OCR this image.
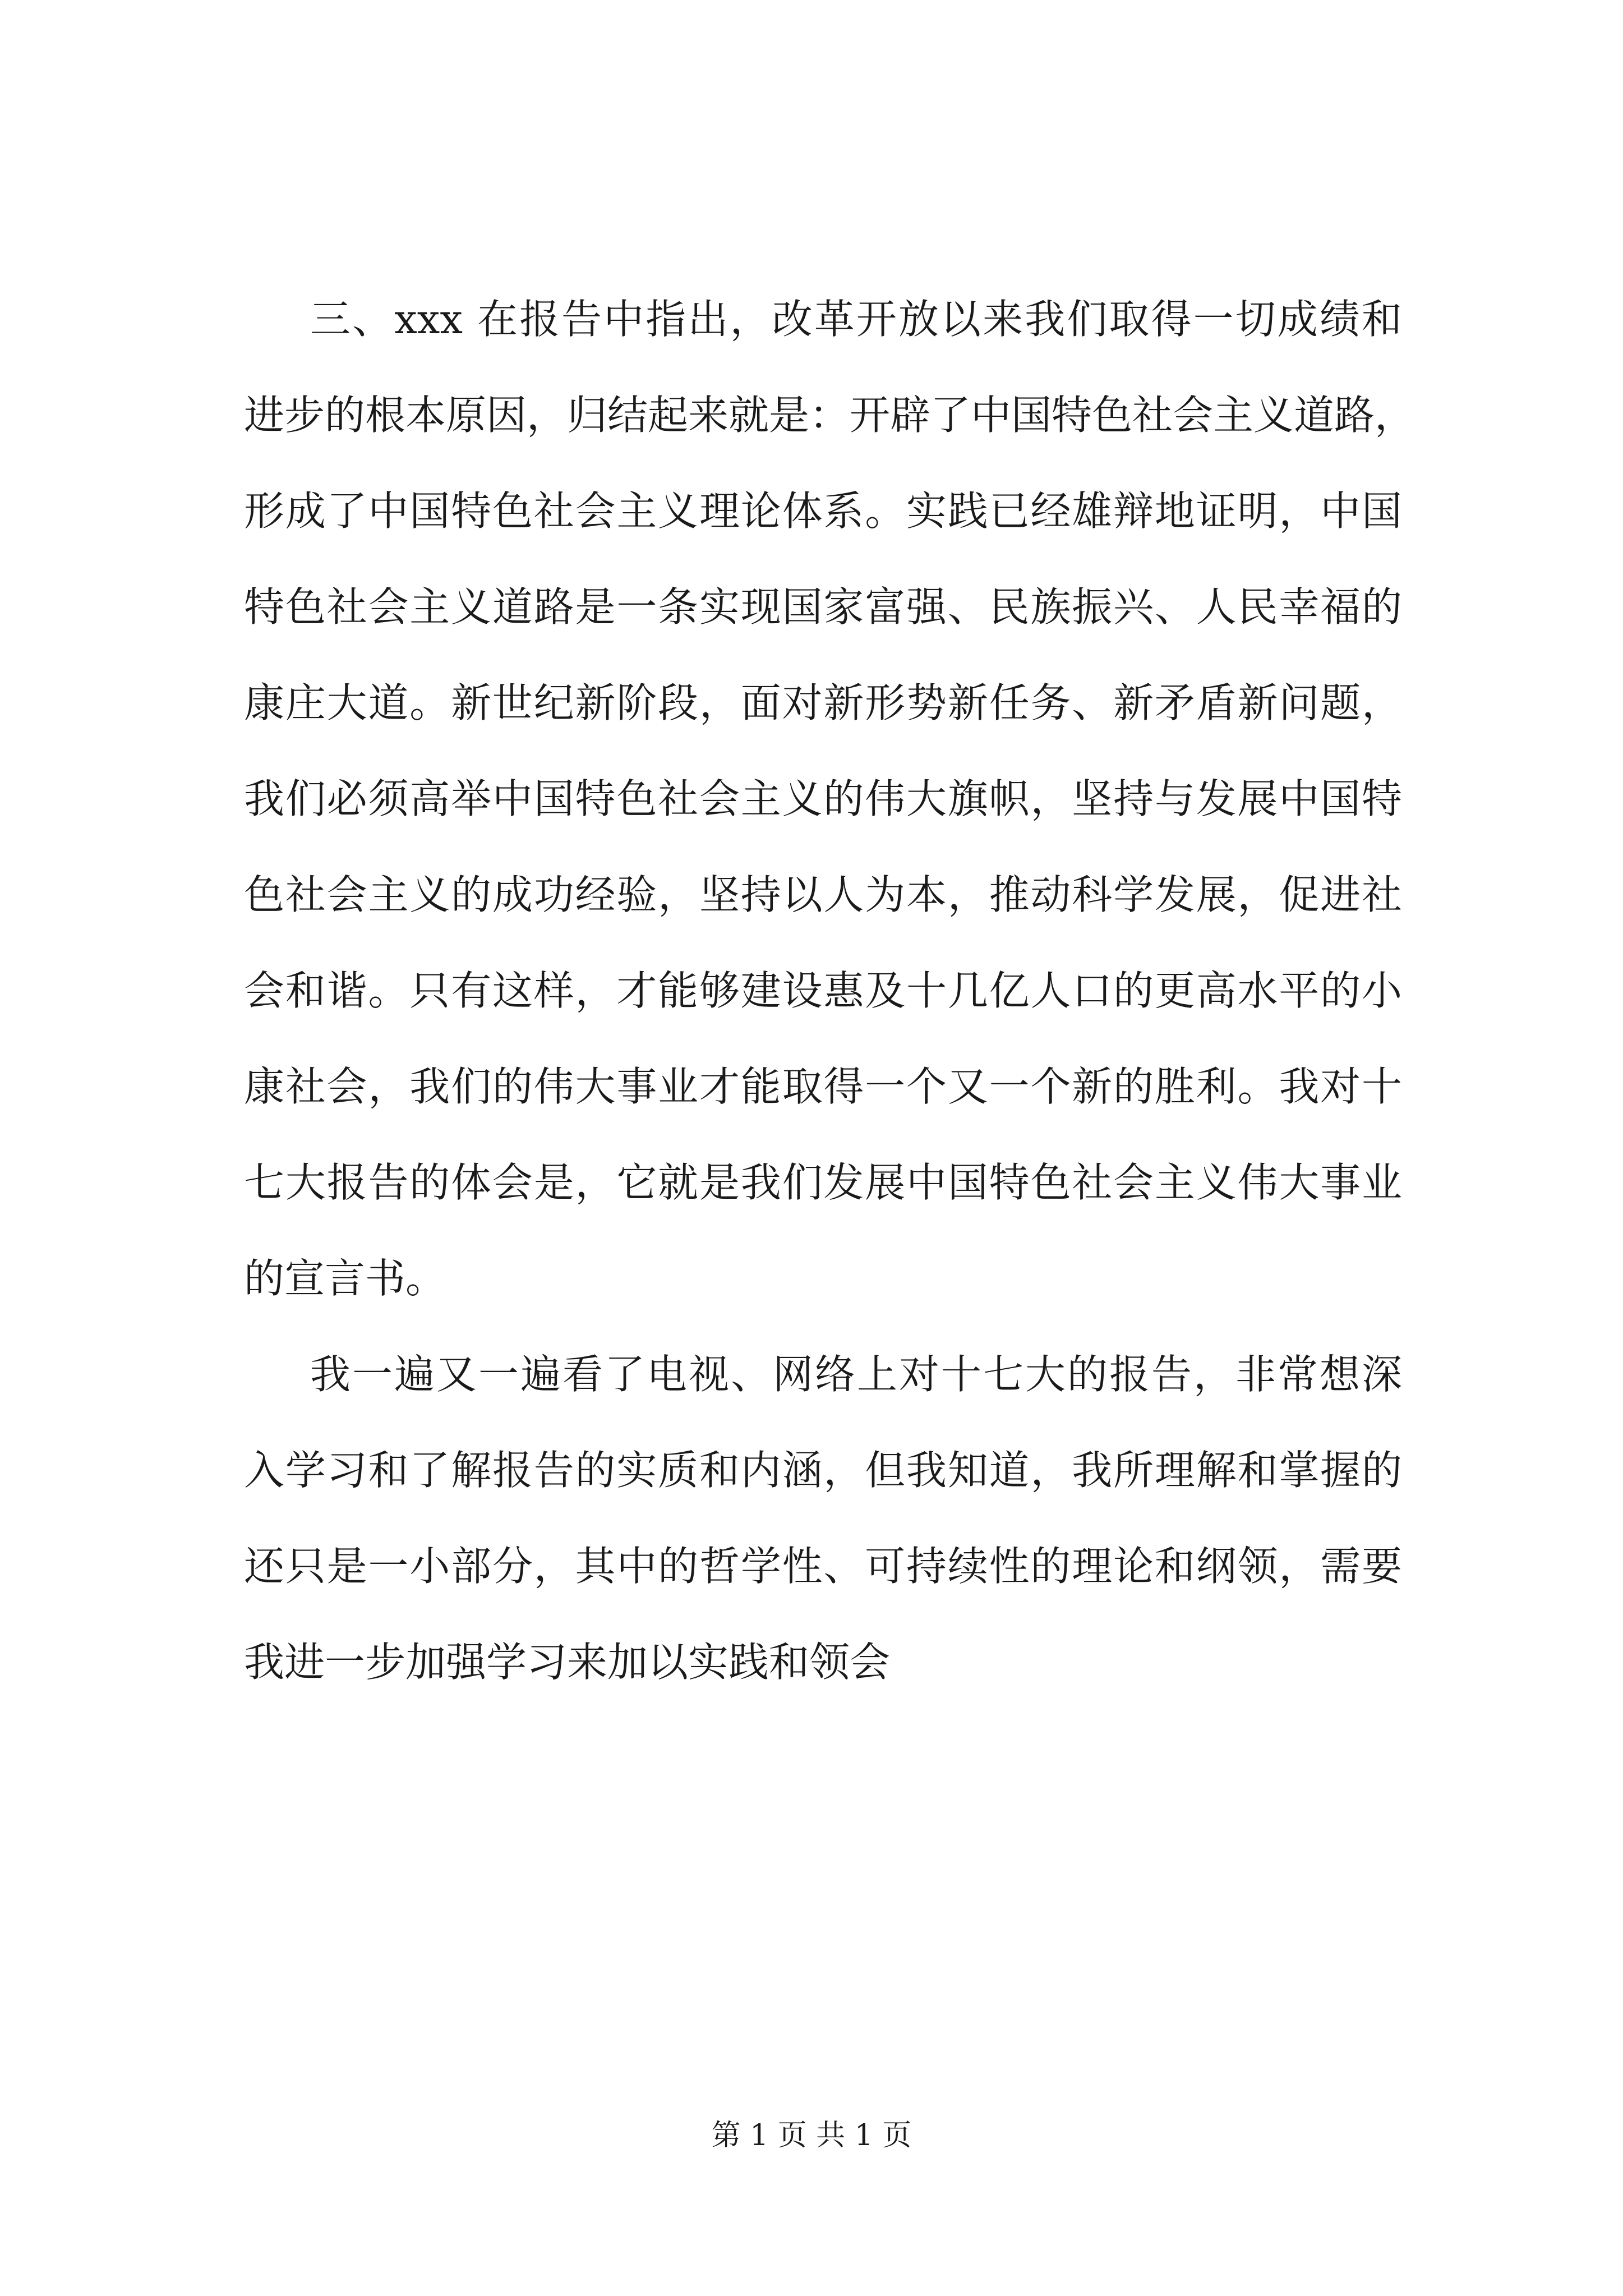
三、xxx 在报告中指出，改革开放以来我们取得一切成绩和
进步的根本原因，归结起来就是：开辟了中国特色社会主义道路，
形成了中国特色社会主义理论体系。实践已经雄辩地证明，中国
特色社会主义道路是一条实现国家富强、民族振兴、人民幸福的
康庄大道。新世纪新阶段，面对新形势新任务、新矛盾新问题，
我们必须高举中国特色社会主义的伟大旗帜，坚持与发展中国特
色社会主义的成功经验，坚持以人为本，推动科学发展，促进社
会和谐。只有这样，才能够建设惠及十几亿人口的更高水平的小
康社会，我们的伟大事业才能取得一个又一个新的胜利。我对十
七大报告的体会是，它就是我们发展中国特色社会主义伟大事业
的宣言书。
我一遍又一遍看了电视、网络上对十七大的报告，非常想深
入学习和了解报告的实质和内涵，但我知道，我所理解和掌握的
还只是一小部分，其中的哲学性、可持续性的理论和纲领，需要
我进一步加强学习来加以实践和领会
第 1 页 共 1 页
